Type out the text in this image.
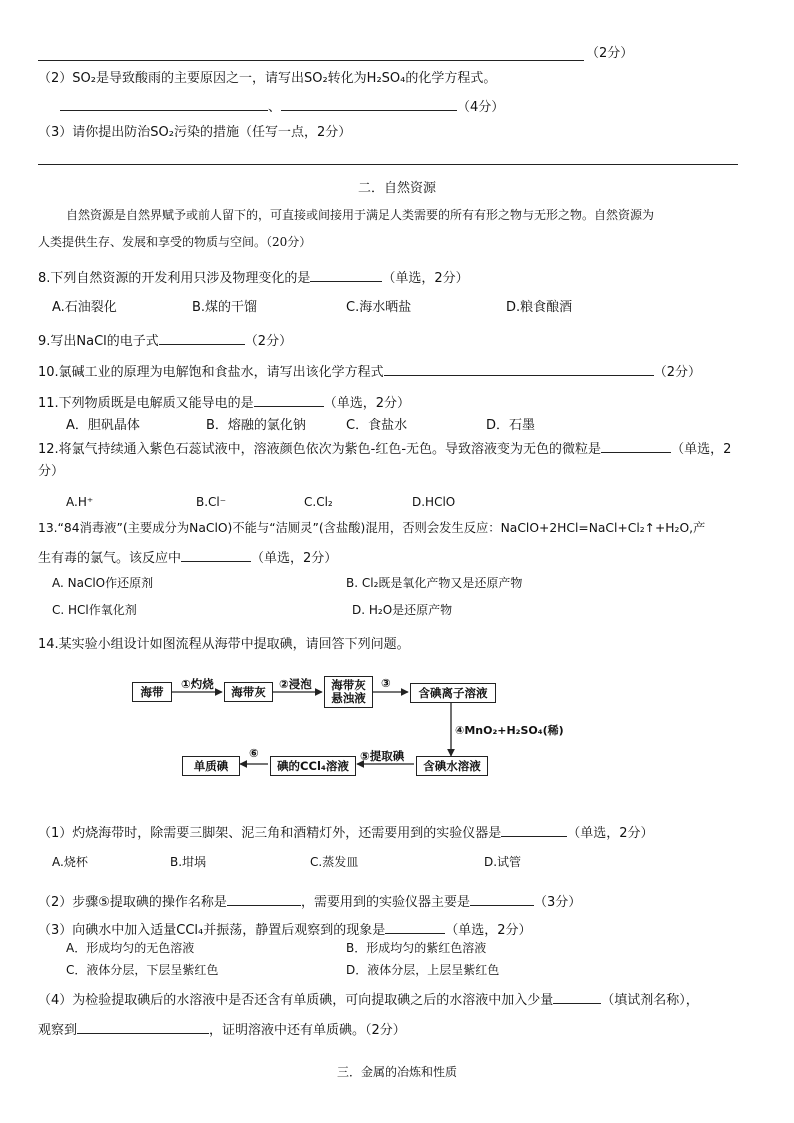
（2分）
（2）SO₂是导致酸雨的主要原因之一，请写出SO₂转化为H₂SO₄的化学方程式。
、	（4分）
（3）请你提出防治SO₂污染的措施（任写一点，2分）
二．自然资源
自然资源是自然界赋予或前人留下的，可直接或间接用于满足人类需要的所有有形之物与无形之物。自然资源为
人类提供生存、发展和享受的物质与空间。（20分）
8.下列自然资源的开发利用只涉及物理变化的是	（单选，2分）
A.石油裂化	B.煤的干馏	C.海水晒盐	D.粮食酿酒
9.写出NaCl的电子式	（2分）
10.氯碱工业的原理为电解饱和食盐水，请写出该化学方程式	（2分）
11.下列物质既是电解质又能导电的是	（单选，2分）
A．胆矾晶体	B．熔融的氯化钠	C．食盐水	D．石墨
12.将氯气持续通入紫色石蕊试液中，溶液颜色依次为紫色-红色-无色。导致溶液变为无色的微粒是	（单选，2
分）
A.H⁺	B.Cl⁻	C.Cl₂	D.HClO
13.“84消毒液”(主要成分为NaClO)不能与“洁厕灵”(含盐酸)混用，否则会发生反应：NaClO+2HCl=NaCl+Cl₂↑+H₂O,产
生有毒的氯气。该反应中	（单选，2分）
A. NaClO作还原剂	B. Cl₂既是氧化产物又是还原产物
C. HCl作氧化剂	D. H₂O是还原产物
14.某实验小组设计如图流程从海带中提取碘，请回答下列问题。
海带
①灼烧
海带灰
②浸泡 海带灰
悬浊液
③
含碘离子溶液
④MnO₂+H₂SO₄(稀)
含碘水溶液
⑤提取碘
碘的CCl₄溶液
⑥
单质碘
（1）灼烧海带时，除需要三脚架、泥三角和酒精灯外，还需要用到的实验仪器是	（单选，2分）
A.烧杯	B.坩埚	C.蒸发皿	D.试管
（2）步骤⑤提取碘的操作名称是	，需要用到的实验仪器主要是	（3分）
（3）向碘水中加入适量CCl₄并振荡，静置后观察到的现象是	（单选，2分）
A．形成均匀的无色溶液	B．形成均匀的紫红色溶液
C．液体分层，下层呈紫红色	D．液体分层，上层呈紫红色
（4）为检验提取碘后的水溶液中是否还含有单质碘，可向提取碘之后的水溶液中加入少量	（填试剂名称），
观察到	，证明溶液中还有单质碘。（2分）
三．金属的冶炼和性质
